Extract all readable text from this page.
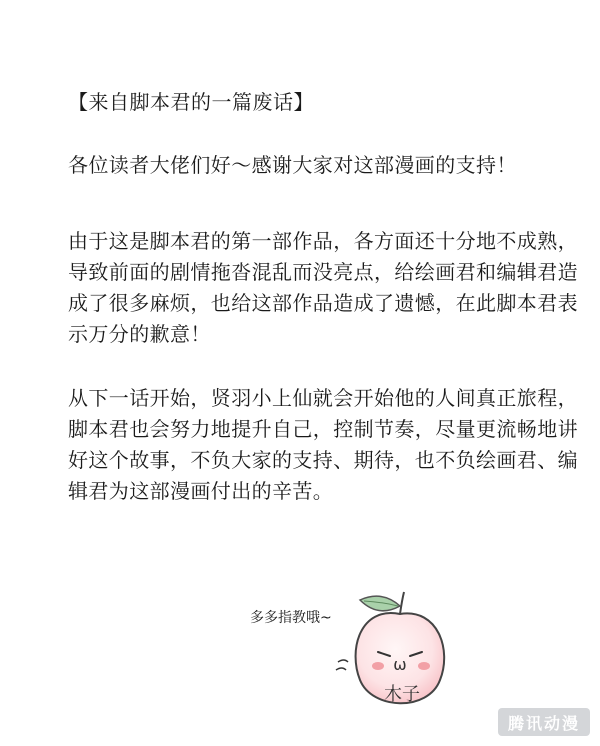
【来自脚本君的一篇废话】
各位读者大佬们好～感谢大家对这部漫画的支持！
由于这是脚本君的第一部作品，各方面还十分地不成熟，
导致前面的剧情拖沓混乱而没亮点，给绘画君和编辑君造
成了很多麻烦，也给这部作品造成了遗憾，在此脚本君表
示万分的歉意！
从下一话开始，贤羽小上仙就会开始他的人间真正旅程，
脚本君也会努力地提升自己，控制节奏，尽量更流畅地讲
好这个故事，不负大家的支持、期待，也不负绘画君、编
辑君为这部漫画付出的辛苦。
多多指教哦~
ω
木子
腾讯动漫
